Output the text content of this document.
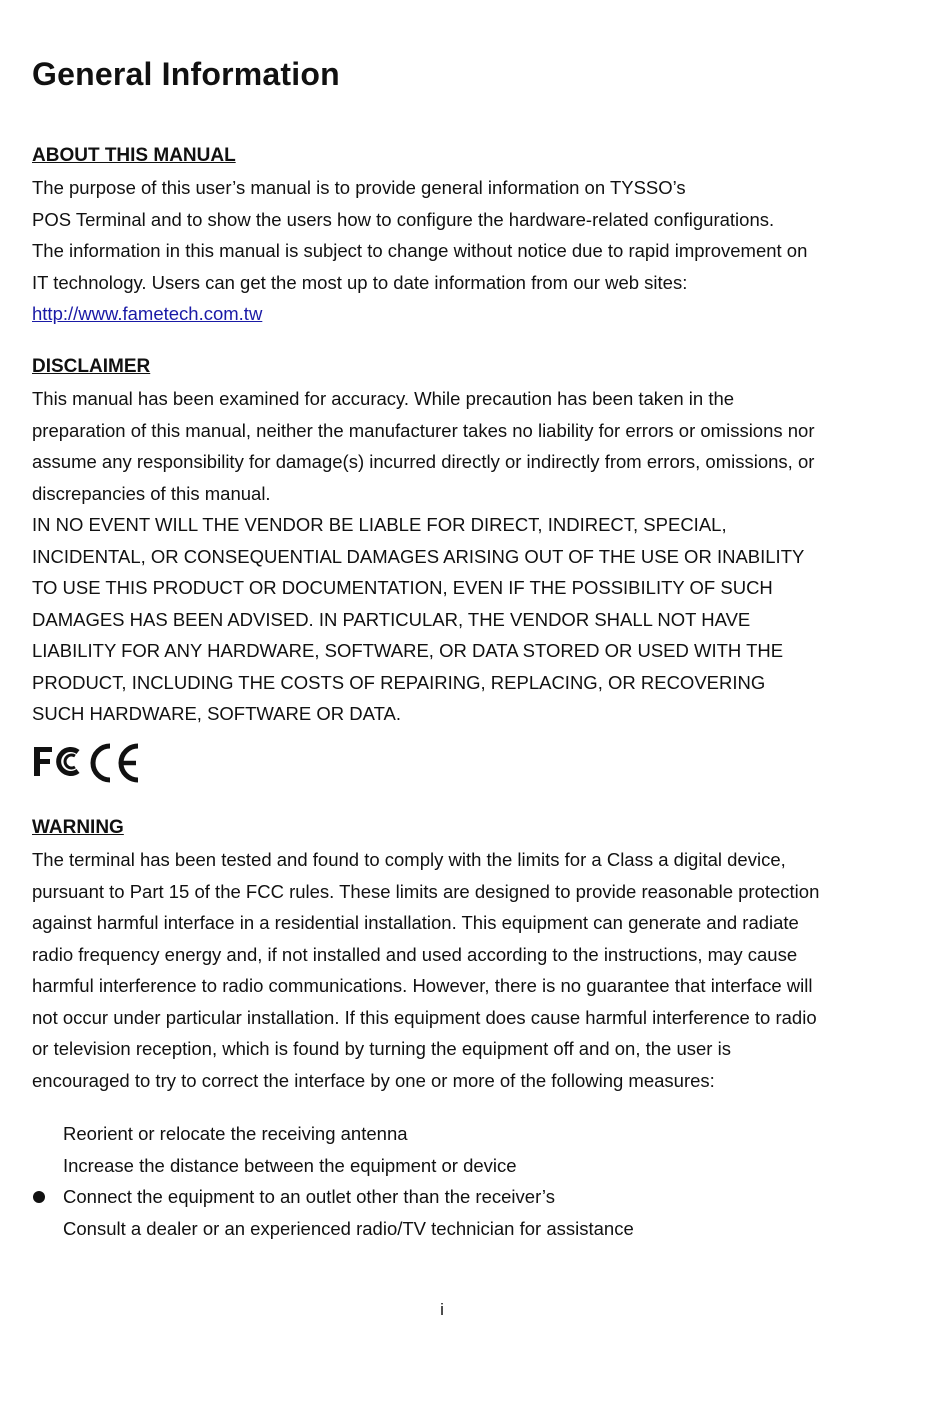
General Information
ABOUT THIS MANUAL

The purpose of this user’s manual is to provide general information on TYSSO’s

POS Terminal and to show the users how to configure the hardware-related configurations.

The information in this manual is subject to change without notice due to rapid improvement on

IT technology. Users can get the most up to date information from our web sites:

http://www.fametech.com.tw

DISCLAIMER

This manual has been examined for accuracy. While precaution has been taken in the

preparation of this manual, neither the manufacturer takes no liability for errors or omissions nor

assume any responsibility for damage(s) incurred directly or indirectly from errors, omissions, or

discrepancies of this manual.

IN NO EVENT WILL THE VENDOR BE LIABLE FOR DIRECT, INDIRECT, SPECIAL,

INCIDENTAL, OR CONSEQUENTIAL DAMAGES ARISING OUT OF THE USE OR INABILITY

TO USE THIS PRODUCT OR DOCUMENTATION, EVEN IF THE POSSIBILITY OF SUCH

DAMAGES HAS BEEN ADVISED. IN PARTICULAR, THE VENDOR SHALL NOT HAVE

LIABILITY FOR ANY HARDWARE, SOFTWARE, OR DATA STORED OR USED WITH THE

PRODUCT, INCLUDING THE COSTS OF REPAIRING, REPLACING, OR RECOVERING

SUCH HARDWARE, SOFTWARE OR DATA.

WARNING

The terminal has been tested and found to comply with the limits for a Class a digital device,

pursuant to Part 15 of the FCC rules. These limits are designed to provide reasonable protection

against harmful interface in a residential installation. This equipment can generate and radiate

radio frequency energy and, if not installed and used according to the instructions, may cause

harmful interference to radio communications. However, there is no guarantee that interface will

not occur under particular installation. If this equipment does cause harmful interference to radio

or television reception, which is found by turning the equipment off and on, the user is

encouraged to try to correct the interface by one or more of the following measures:

Reorient or relocate the receiving antenna
Increase the distance between the equipment or device
Connect the equipment to an outlet other than the receiver’s
Consult a dealer or an experienced radio/TV technician for assistance
i
